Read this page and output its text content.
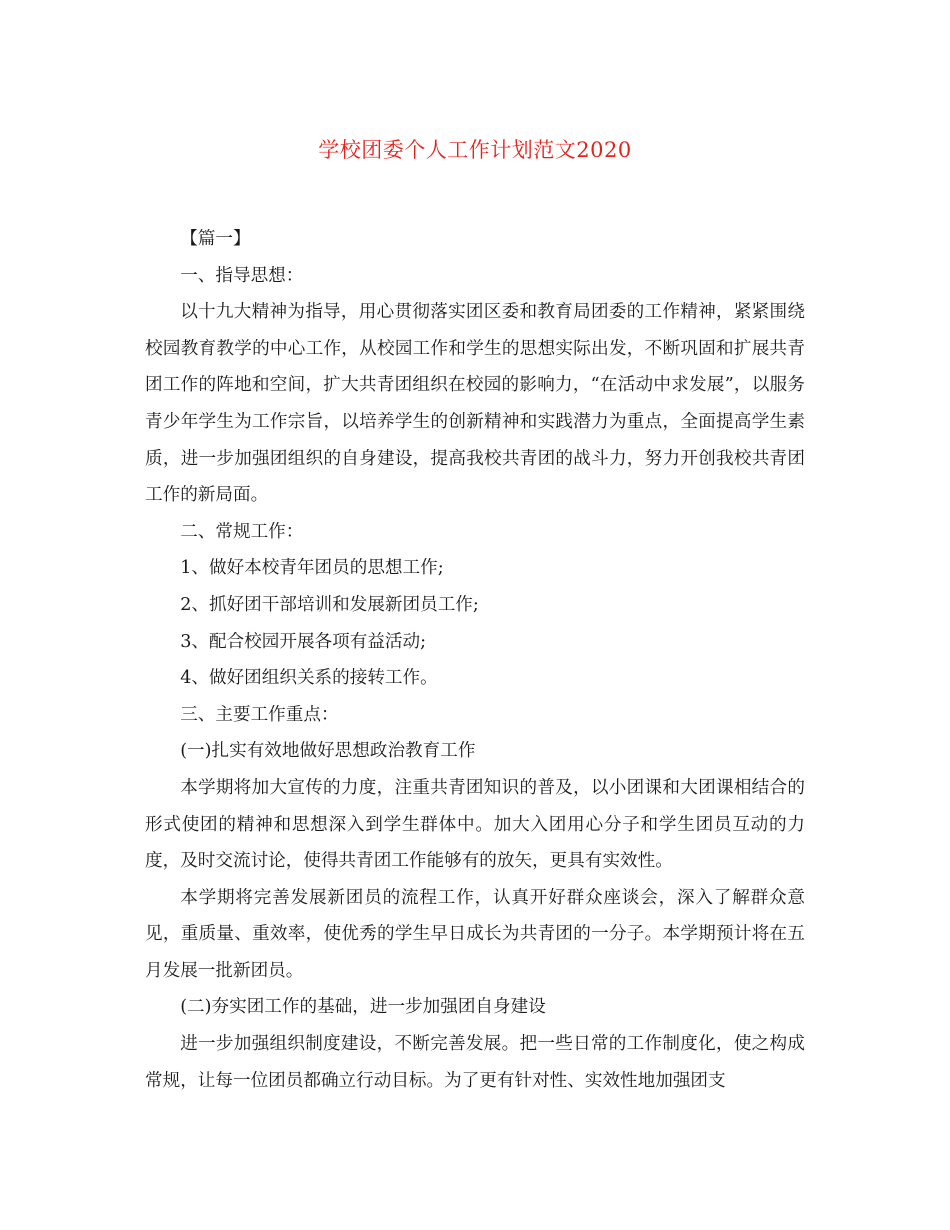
学校团委个人工作计划范文2020

【篇一】

一、指导思想：

以十九大精神为指导，用心贯彻落实团区委和教育局团委的工作精神，紧紧围绕校园教育教学的中心工作，从校园工作和学生的思想实际出发，不断巩固和扩展共青团工作的阵地和空间，扩大共青团组织在校园的影响力，“在活动中求发展”，以服务青少年学生为工作宗旨，以培养学生的创新精神和实践潜力为重点，全面提高学生素质，进一步加强团组织的自身建设，提高我校共青团的战斗力，努力开创我校共青团工作的新局面。

二、常规工作：

1、做好本校青年团员的思想工作;

2、抓好团干部培训和发展新团员工作;

3、配合校园开展各项有益活动;

4、做好团组织关系的接转工作。

三、主要工作重点：

(一)扎实有效地做好思想政治教育工作

本学期将加大宣传的力度，注重共青团知识的普及，以小团课和大团课相结合的形式使团的精神和思想深入到学生群体中。加大入团用心分子和学生团员互动的力度，及时交流讨论，使得共青团工作能够有的放矢，更具有实效性。

本学期将完善发展新团员的流程工作，认真开好群众座谈会，深入了解群众意见，重质量、重效率，使优秀的学生早日成长为共青团的一分子。本学期预计将在五月发展一批新团员。

(二)夯实团工作的基础，进一步加强团自身建设

进一步加强组织制度建设，不断完善发展。把一些日常的工作制度化，使之构成常规，让每一位团员都确立行动目标。为了更有针对性、实效性地加强团支
